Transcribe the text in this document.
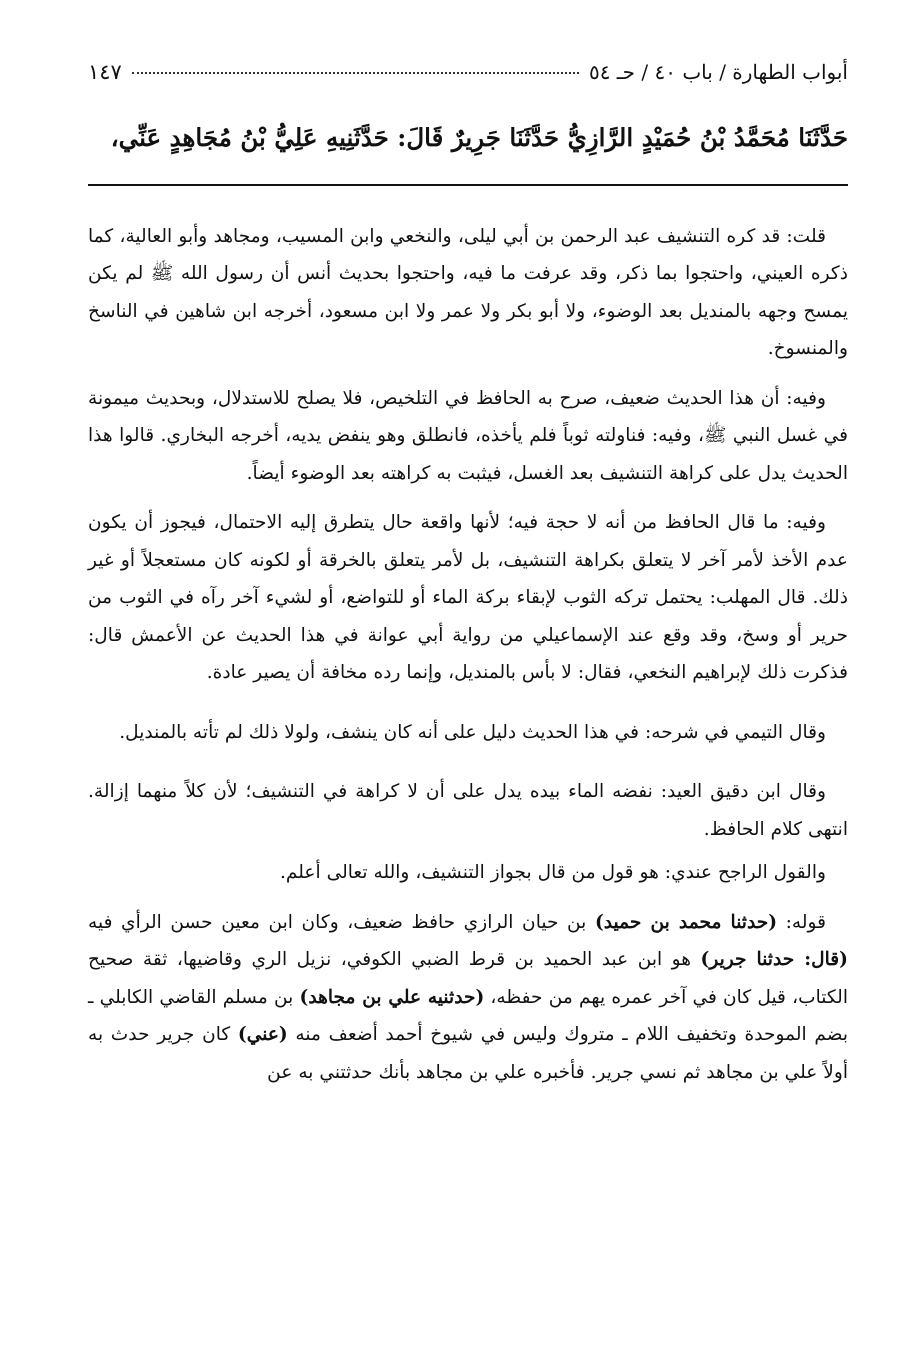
أبواب الطهارة / باب ٤٠ / حـ ٥٤
١٤٧
حَدَّثَنَا مُحَمَّدُ بْنُ حُمَيْدٍ الرَّازِيُّ حَدَّثَنَا جَرِيرٌ قَالَ: حَدَّثَنِيهِ عَلِيُّ بْنُ مُجَاهِدٍ عَنِّي،

قلت: قد كره التنشيف عبد الرحمن بن أبي ليلى، والنخعي وابن المسيب، ومجاهد وأبو العالية، كما ذكره العيني، واحتجوا بما ذكر، وقد عرفت ما فيه، واحتجوا بحديث أنس أن رسول الله ﷺ لم يكن يمسح وجهه بالمنديل بعد الوضوء، ولا أبو بكر ولا عمر ولا ابن مسعود، أخرجه ابن شاهين في الناسخ والمنسوخ.

وفيه: أن هذا الحديث ضعيف، صرح به الحافظ في التلخيص، فلا يصلح للاستدلال، وبحديث ميمونة في غسل النبي ﷺ، وفيه: فناولته ثوباً فلم يأخذه، فانطلق وهو ينفض يديه، أخرجه البخاري. قالوا هذا الحديث يدل على كراهة التنشيف بعد الغسل، فيثبت به كراهته بعد الوضوء أيضاً.

وفيه: ما قال الحافظ من أنه لا حجة فيه؛ لأنها واقعة حال يتطرق إليه الاحتمال، فيجوز أن يكون عدم الأخذ لأمر آخر لا يتعلق بكراهة التنشيف، بل لأمر يتعلق بالخرقة أو لكونه كان مستعجلاً أو غير ذلك. قال المهلب: يحتمل تركه الثوب لإبقاء بركة الماء أو للتواضع، أو لشيء آخر رآه في الثوب من حرير أو وسخ، وقد وقع عند الإسماعيلي من رواية أبي عوانة في هذا الحديث عن الأعمش قال: فذكرت ذلك لإبراهيم النخعي، فقال: لا بأس بالمنديل، وإنما رده مخافة أن يصير عادة.

وقال التيمي في شرحه: في هذا الحديث دليل على أنه كان ينشف، ولولا ذلك لم تأته بالمنديل.

وقال ابن دقيق العيد: نفضه الماء بيده يدل على أن لا كراهة في التنشيف؛ لأن كلاً منهما إزالة. انتهى كلام الحافظ.

والقول الراجح عندي: هو قول من قال بجواز التنشيف، والله تعالى أعلم.

قوله: (حدثنا محمد بن حميد) بن حيان الرازي حافظ ضعيف، وكان ابن معين حسن الرأي فيه (قال: حدثنا جرير) هو ابن عبد الحميد بن قرط الضبي الكوفي، نزيل الري وقاضيها، ثقة صحيح الكتاب، قيل كان في آخر عمره يهم من حفظه، (حدثنيه علي بن مجاهد) بن مسلم القاضي الكابلي ـ بضم الموحدة وتخفيف اللام ـ متروك وليس في شيوخ أحمد أضعف منه (عني) كان جرير حدث به أولاً علي بن مجاهد ثم نسي جرير. فأخبره علي بن مجاهد بأنك حدثتني به عن
